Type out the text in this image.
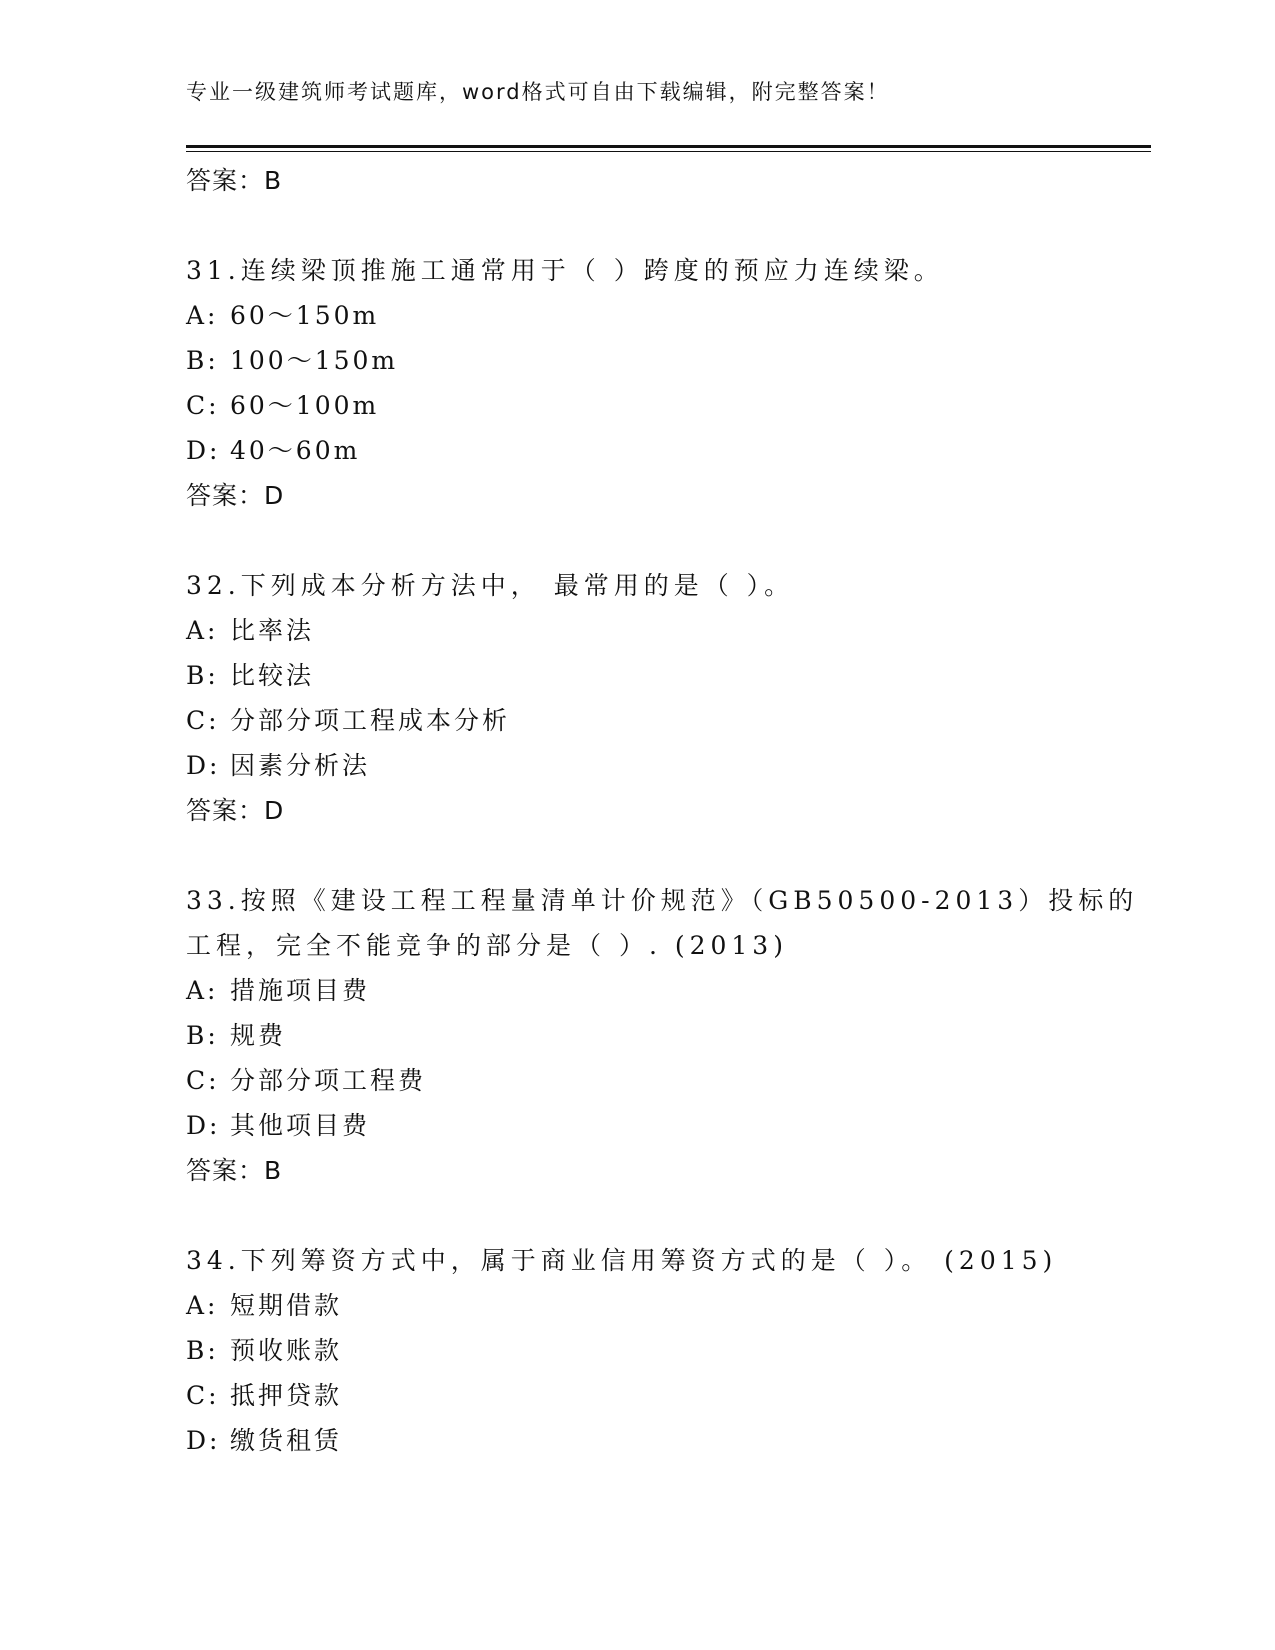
专业一级建筑师考试题库，word格式可自由下载编辑，附完整答案！
答案：B
31.连续梁顶推施工通常用于（ ）跨度的预应力连续梁。
A: 60～150m
B: 100～150m
C: 60～100m
D: 40～60m
答案：D
32.下列成本分析方法中， 最常用的是（ ）。
A: 比率法
B: 比较法
C: 分部分项工程成本分析
D: 因素分析法
答案：D
33.按照《建设工程工程量清单计价规范》（GB50500-2013）投标的工程，完全不能竞争的部分是（ ）. (2013)
A: 措施项目费
B: 规费
C: 分部分项工程费
D: 其他项目费
答案：B
34.下列筹资方式中，属于商业信用筹资方式的是（ ）。 (2015)
A: 短期借款
B: 预收账款
C: 抵押贷款
D: 缴货租赁
